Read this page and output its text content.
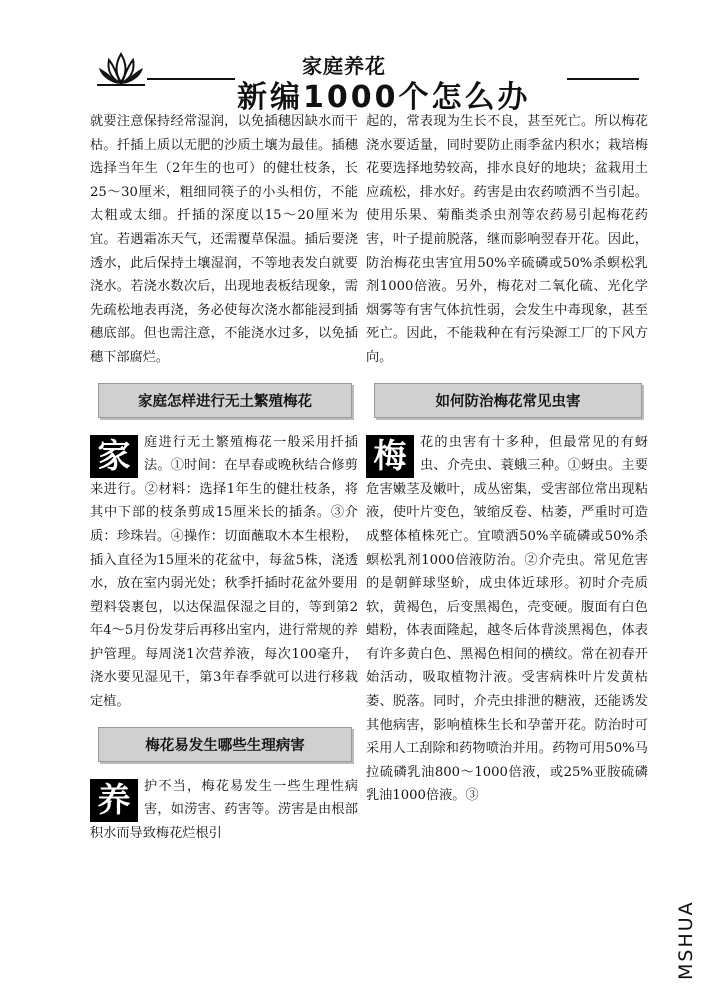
家庭养花
新编1000个怎么办

就要注意保持经常湿润，以免插穗因缺水而干枯。扦插上质以无肥的沙质土壤为最佳。插穗选择当年生（2年生的也可）的健壮枝条，长25～30厘米，粗细同筷子的小头相仿，不能太粗或太细。扦插的深度以15～20厘米为宜。若遇霜冻天气，还需覆草保温。插后要浇透水，此后保持土壤湿润，不等地表发白就要浇水。若浇水数次后，出现地表板结现象，需先疏松地表再浇，务必使每次浇水都能浸到插穗底部。但也需注意，不能浇水过多，以免插穗下部腐烂。

家庭怎样进行无土繁殖梅花
家	庭进行无土繁殖梅花一般采用扦插法。①时间：在早春或晚秋结合修剪来进行。②材料：选择1年生的健壮枝条，将其中下部的枝条剪成15厘米长的插条。③介质：珍珠岩。④操作：切面蘸取木本生根粉，插入直径为15厘米的花盆中，每盆5株，浇透水，放在室内弱光处；秋季扦插时花盆外要用塑料袋裹包，以达保温保湿之目的，等到第2年4～5月份发芽后再移出室内，进行常规的养护管理。每周浇1次营养液，每次100毫升，浇水要见湿见干，第3年春季就可以进行移栽定植。
梅花易发生哪些生理病害
养	护不当，梅花易发生一些生理性病害，如涝害、药害等。涝害是由根部积水而导致梅花烂根引

起的，常表现为生长不良，甚至死亡。所以梅花浇水要适量，同时要防止雨季盆内积水；栽培梅花要选择地势较高，排水良好的地块；盆栽用土应疏松，排水好。药害是由农药喷洒不当引起。使用乐果、菊酯类杀虫剂等农药易引起梅花药害，叶子提前脱落，继而影响翌春开花。因此，防治梅花虫害宜用50%辛硫磷或50%杀螟松乳剂1000倍液。另外，梅花对二氧化硫、光化学烟雾等有害气体抗性弱，会发生中毒现象，甚至死亡。因此，不能栽种在有污染源工厂的下风方向。

如何防治梅花常见虫害
梅	花的虫害有十多种，但最常见的有蚜虫、介壳虫、蓑蛾三种。①蚜虫。主要危害嫩茎及嫩叶，成丛密集，受害部位常出现粘液，使叶片变色，皱缩反卷、枯萎，严重时可造成整体植株死亡。宜喷洒50%辛硫磷或50%杀螟松乳剂1000倍液防治。②介壳虫。常见危害的是朝鲜球坚蚧，成虫体近球形。初时介壳质软，黄褐色，后变黑褐色，壳变硬。腹面有白色蜡粉，体表面隆起，越冬后体背淡黑褐色，体表有许多黄白色、黑褐色相间的横纹。常在初春开始活动，吸取植物汁液。受害病株叶片发黄枯萎、脱落。同时，介壳虫排泄的糖液，还能诱发其他病害，影响植株生长和孕蕾开花。防治时可采用人工刮除和药物喷治并用。药物可用50%马拉硫磷乳油800～1000倍液，或25%亚胺硫磷乳油1000倍液。③
MSHUA
